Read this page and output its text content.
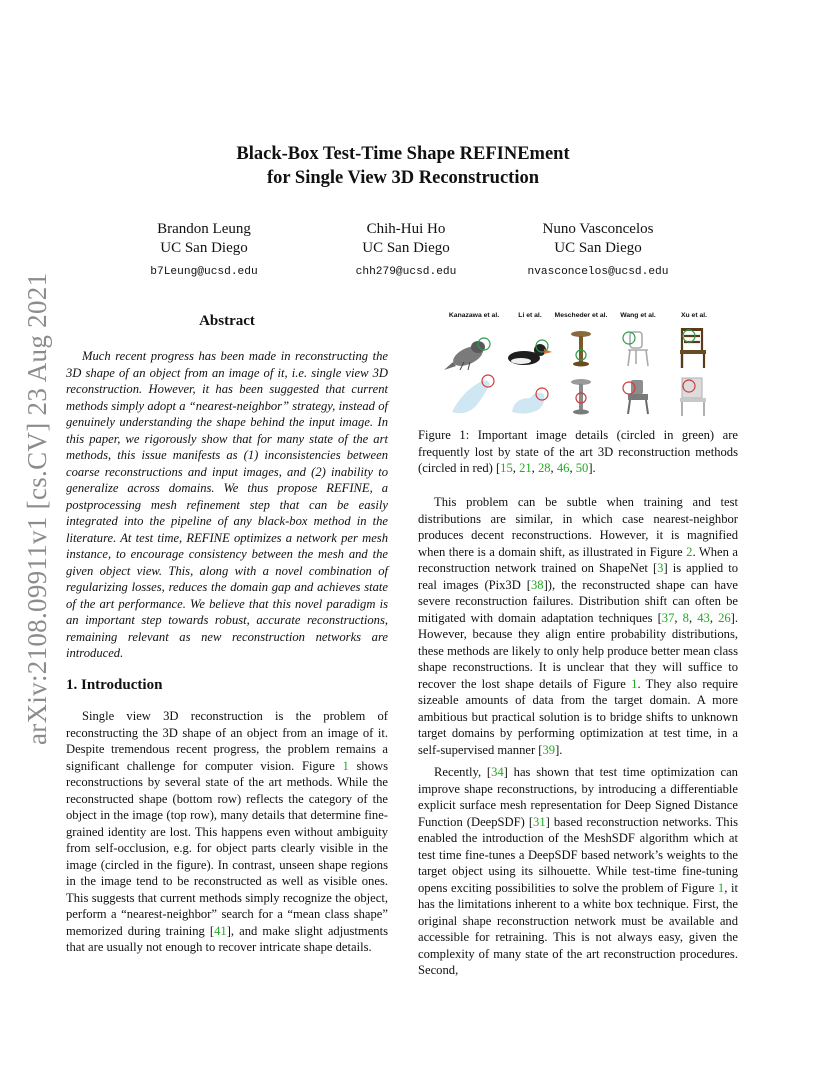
arXiv:2108.09911v1 [cs.CV] 23 Aug 2021
Black-Box Test-Time Shape REFINEment
for Single View 3D Reconstruction
Brandon Leung
UC San Diego
b7Leung@ucsd.edu
Chih-Hui Ho
UC San Diego
chh279@ucsd.edu
Nuno Vasconcelos
UC San Diego
nvasconcelos@ucsd.edu
Abstract
Much recent progress has been made in reconstructing the 3D shape of an object from an image of it, i.e. single view 3D reconstruction. However, it has been suggested that current methods simply adopt a “nearest-neighbor” strategy, instead of genuinely understanding the shape behind the input image. In this paper, we rigorously show that for many state of the art methods, this issue manifests as (1) inconsistencies between coarse reconstructions and input images, and (2) inability to generalize across domains. We thus propose REFINE, a postprocessing mesh refinement step that can be easily integrated into the pipeline of any black-box method in the literature. At test time, REFINE optimizes a network per mesh instance, to encourage consistency between the mesh and the given object view. This, along with a novel combination of regularizing losses, reduces the domain gap and achieves state of the art performance. We believe that this novel paradigm is an important step towards robust, accurate reconstructions, remaining relevant as new reconstruction networks are introduced.
1. Introduction

Single view 3D reconstruction is the problem of reconstructing the 3D shape of an object from an image of it. Despite tremendous recent progress, the problem remains a significant challenge for computer vision. Figure 1 shows reconstructions by several state of the art methods. While the reconstructed shape (bottom row) reflects the category of the object in the image (top row), many details that determine fine-grained identity are lost. This happens even without ambiguity from self-occlusion, e.g. for object parts clearly visible in the image (circled in the figure). In contrast, unseen shape regions in the image tend to be reconstructed as well as visible ones. This suggests that current methods simply recognize the object, perform a “nearest-neighbor” search for a “mean class shape” memorized during training [41], and make slight adjustments that are usually not enough to recover intricate shape details.

Kanazawa et al.	Li et al. Mescheder et al. Wang et al.	Xu et al.
Figure 1: Important image details (circled in green) are frequently lost by state of the art 3D reconstruction methods (circled in red) [15, 21, 28, 46, 50].

This problem can be subtle when training and test distributions are similar, in which case nearest-neighbor produces decent reconstructions. However, it is magnified when there is a domain shift, as illustrated in Figure 2. When a reconstruction network trained on ShapeNet [3] is applied to real images (Pix3D [38]), the reconstructed shape can have severe reconstruction failures. Distribution shift can often be mitigated with domain adaptation techniques [37, 8, 43, 26]. However, because they align entire probability distributions, these methods are likely to only help produce better mean class shape reconstructions. It is unclear that they will suffice to recover the lost shape details of Figure 1. They also require sizeable amounts of data from the target domain. A more ambitious but practical solution is to bridge shifts to unknown target domains by performing optimization at test time, in a self-supervised manner [39].

Recently, [34] has shown that test time optimization can improve shape reconstructions, by introducing a differentiable explicit surface mesh representation for Deep Signed Distance Function (DeepSDF) [31] based reconstruction networks. This enabled the introduction of the MeshSDF algorithm which at test time fine-tunes a DeepSDF based network’s weights to the target object using its silhouette. While test-time fine-tuning opens exciting possibilities to solve the problem of Figure 1, it has the limitations inherent to a white box technique. First, the original shape reconstruction network must be available and accessible for retraining. This is not always easy, given the complexity of many state of the art reconstruction procedures. Second,
